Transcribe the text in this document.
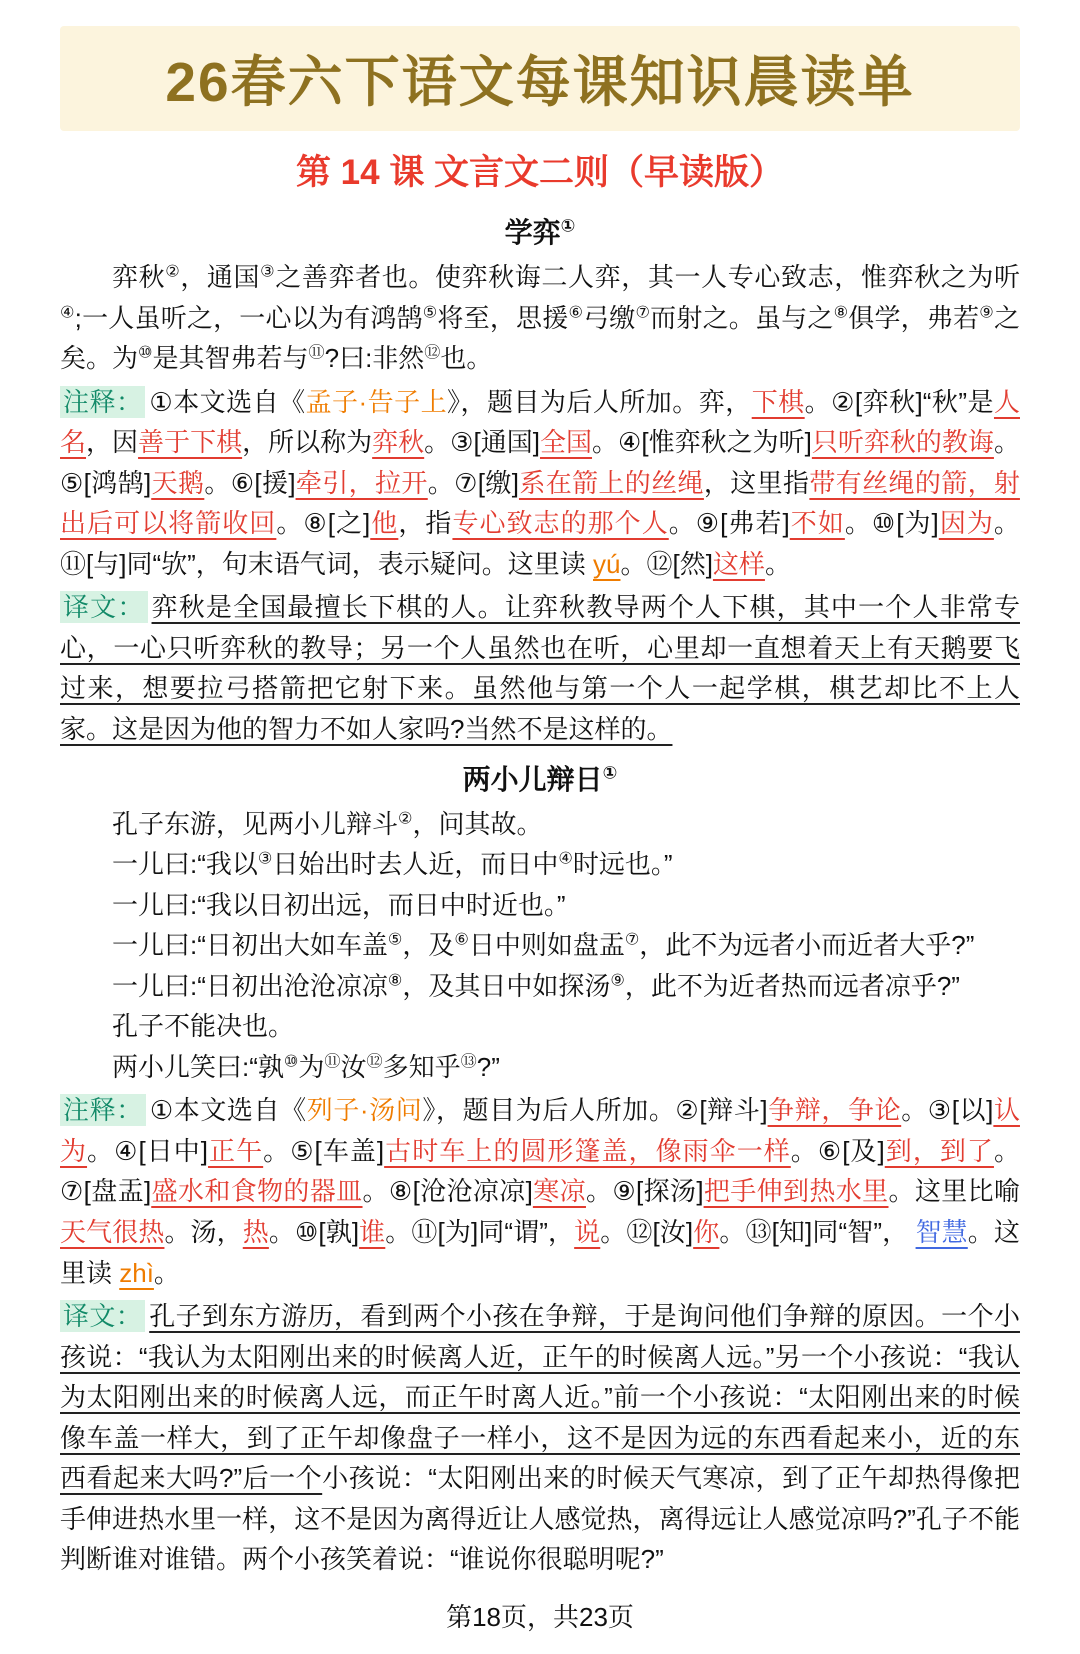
26春六下语文每课知识晨读单
第 14 课 文言文二则（早读版）
学弈①

弈秋②，通国③之善弈者也。使弈秋诲二人弈，其一人专心致志，惟弈秋之为听④;一人虽听之，一心以为有鸿鹄⑤将至，思援⑥弓缴⑦而射之。虽与之⑧俱学，弗若⑨之矣。为⑩是其智弗若与⑪?曰:非然⑫也。

注释： ①本文选自《孟子·告子上》，题目为后人所加。弈，下棋。②[弈秋]“秋”是人名，因善于下棋，所以称为弈秋。③[通国]全国。④[惟弈秋之为听]只听弈秋的教诲。⑤[鸿鹄]天鹅。⑥[援]牵引，拉开。⑦[缴]系在箭上的丝绳，这里指带有丝绳的箭，射出后可以将箭收回。⑧[之]他，指专心致志的那个人。⑨[弗若]不如。⑩[为]因为。⑪[与]同“欤”，句末语气词，表示疑问。这里读 yú。⑫[然]这样。

译文： 弈秋是全国最擅长下棋的人。让弈秋教导两个人下棋，其中一个人非常专心，一心只听弈秋的教导；另一个人虽然也在听，心里却一直想着天上有天鹅要飞过来，想要拉弓搭箭把它射下来。虽然他与第一个人一起学棋，棋艺却比不上人家。这是因为他的智力不如人家吗?当然不是这样的。

两小儿辩日①

孔子东游，见两小儿辩斗②，问其故。

一儿曰:“我以③日始出时去人近，而日中④时远也。”

一儿曰:“我以日初出远，而日中时近也。”

一儿曰:“日初出大如车盖⑤，及⑥日中则如盘盂⑦，此不为远者小而近者大乎?”

一儿曰:“日初出沧沧凉凉⑧，及其日中如探汤⑨，此不为近者热而远者凉乎?”

孔子不能决也。

两小儿笑曰:“孰⑩为⑪汝⑫多知乎⑬?”

注释： ①本文选自《列子·汤问》，题目为后人所加。②[辩斗]争辩，争论。③[以]认为。④[日中]正午。⑤[车盖]古时车上的圆形篷盖，像雨伞一样。⑥[及]到，到了。⑦[盘盂]盛水和食物的器皿。⑧[沧沧凉凉]寒凉。⑨[探汤]把手伸到热水里。这里比喻天气很热。汤，热。⑩[孰]谁。⑪[为]同“谓”，说。⑫[汝]你。⑬[知]同“智”， 智慧。这里读 zhì。

译文： 孔子到东方游历，看到两个小孩在争辩，于是询问他们争辩的原因。一个小孩说：“我认为太阳刚出来的时候离人近，正午的时候离人远。”另一个小孩说：“我认为太阳刚出来的时候离人远，而正午时离人近。”前一个小孩说：“太阳刚出来的时候像车盖一样大，到了正午却像盘子一样小，这不是因为远的东西看起来小，近的东西看起来大吗?”后一个小孩说：“太阳刚出来的时候天气寒凉，到了正午却热得像把手伸进热水里一样，这不是因为离得近让人感觉热，离得远让人感觉凉吗?”孔子不能判断谁对谁错。两个小孩笑着说：“谁说你很聪明呢?”

第18页，共23页
